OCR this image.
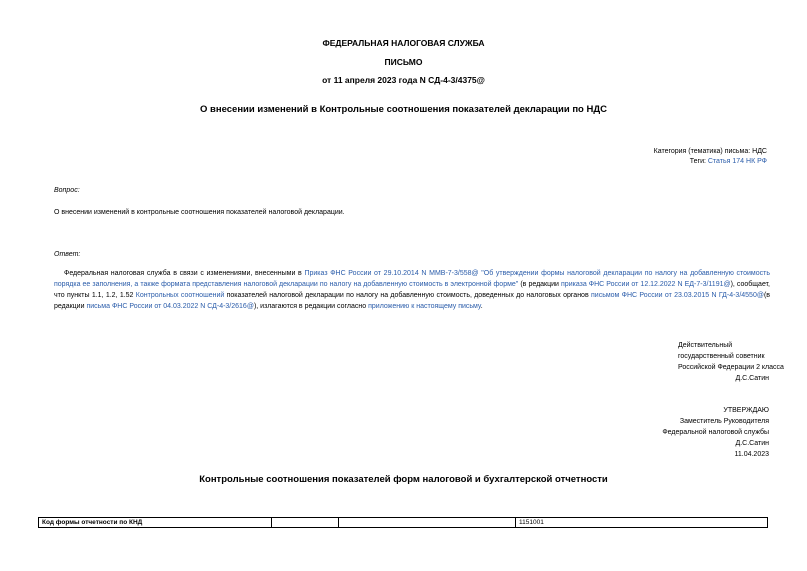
ФЕДЕРАЛЬНАЯ НАЛОГОВАЯ СЛУЖБА
ПИСЬМО
от 11 апреля 2023 года N СД-4-3/4375@
О внесении изменений в Контрольные соотношения показателей декларации по НДС
Категория (тематика) письма: НДС
Теги: Статья 174 НК РФ
Вопрос:
О внесении изменений в контрольные соотношения показателей налоговой декларации.
Ответ:
Федеральная налоговая служба в связи с изменениями, внесенными в Приказ ФНС России от 29.10.2014 N ММВ-7-3/558@ "Об утверждении формы налоговой декларации по налогу на добавленную стоимость порядка ее заполнения, а также формата представления налоговой декларации по налогу на добавленную стоимость в электронной форме" (в редакции приказа ФНС России от 12.12.2022 N ЕД-7-3/1191@), сообщает, что пункты 1.1, 1.2, 1.52 Контрольных соотношений показателей налоговой декларации по налогу на добавленную стоимость, доведенных до налоговых органов письмом ФНС России от 23.03.2015 N ГД-4-3/4550@(в редакции письма ФНС России от 04.03.2022 N СД-4-3/2616@), излагаются в редакции согласно приложению к настоящему письму.
Действительный
государственный советник
Российской Федерации 2 класса
Д.С.Сатин
УТВЕРЖДАЮ
Заместитель Руководителя
Федеральной налоговой службы
Д.С.Сатин
11.04.2023
Контрольные соотношения показателей форм налоговой и бухгалтерской отчетности
Код формы отчетности по КНД			1151001
